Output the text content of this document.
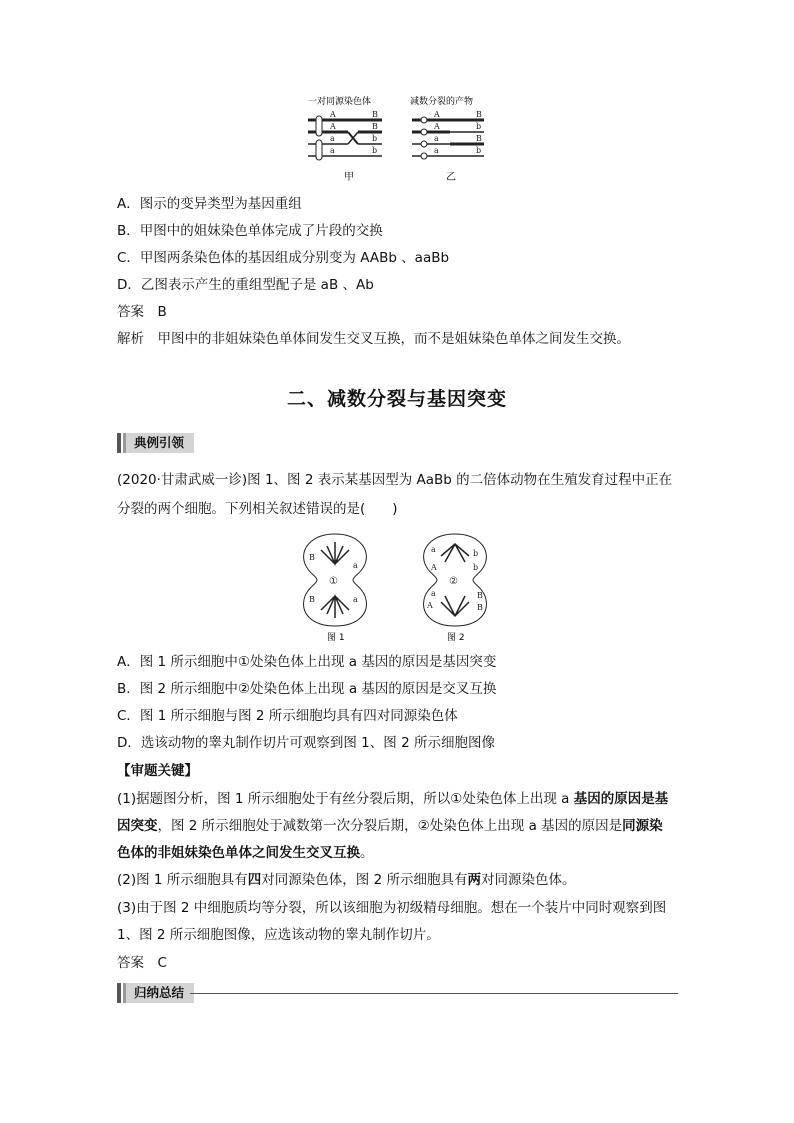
一对同源染色体	减数分裂的产物
A	B
A	B
a	b
a	b
A	B
A	b
a	B
a	b
甲	乙
A．图示的变异类型为基因重组
B．甲图中的姐妹染色单体完成了片段的交换
C．甲图两条染色体的基因组成分别变为 AABb 、aaBb
D．乙图表示产生的重组型配子是 aB 、Ab
答案　B
解析　甲图中的非姐妹染色单体间发生交叉互换，而不是姐妹染色单体之间发生交换。
二、减数分裂与基因突变
典例引领
(2020·甘肃武威一诊)图 1、图 2 表示某基因型为 AaBb 的二倍体动物在生殖发育过程中正在
分裂的两个细胞。下列相关叙述错误的是(　　)
①
B
a
B	a
图 1
②
a	b
A	b
a
A
B
B
图 2
A．图 1 所示细胞中①处染色体上出现 a 基因的原因是基因突变
B．图 2 所示细胞中②处染色体上出现 a 基因的原因是交叉互换
C．图 1 所示细胞与图 2 所示细胞均具有四对同源染色体
D．选该动物的睾丸制作切片可观察到图 1、图 2 所示细胞图像
【审题关键】
(1)据题图分析，图 1 所示细胞处于有丝分裂后期，所以①处染色体上出现 a 基因的原因是基
因突变，图 2 所示细胞处于减数第一次分裂后期，②处染色体上出现 a 基因的原因是同源染
色体的非姐妹染色单体之间发生交叉互换。
(2)图 1 所示细胞具有四对同源染色体，图 2 所示细胞具有两对同源染色体。
(3)由于图 2 中细胞质均等分裂，所以该细胞为初级精母细胞。想在一个装片中同时观察到图
1、图 2 所示细胞图像，应选该动物的睾丸制作切片。
答案　C
归纳总结
